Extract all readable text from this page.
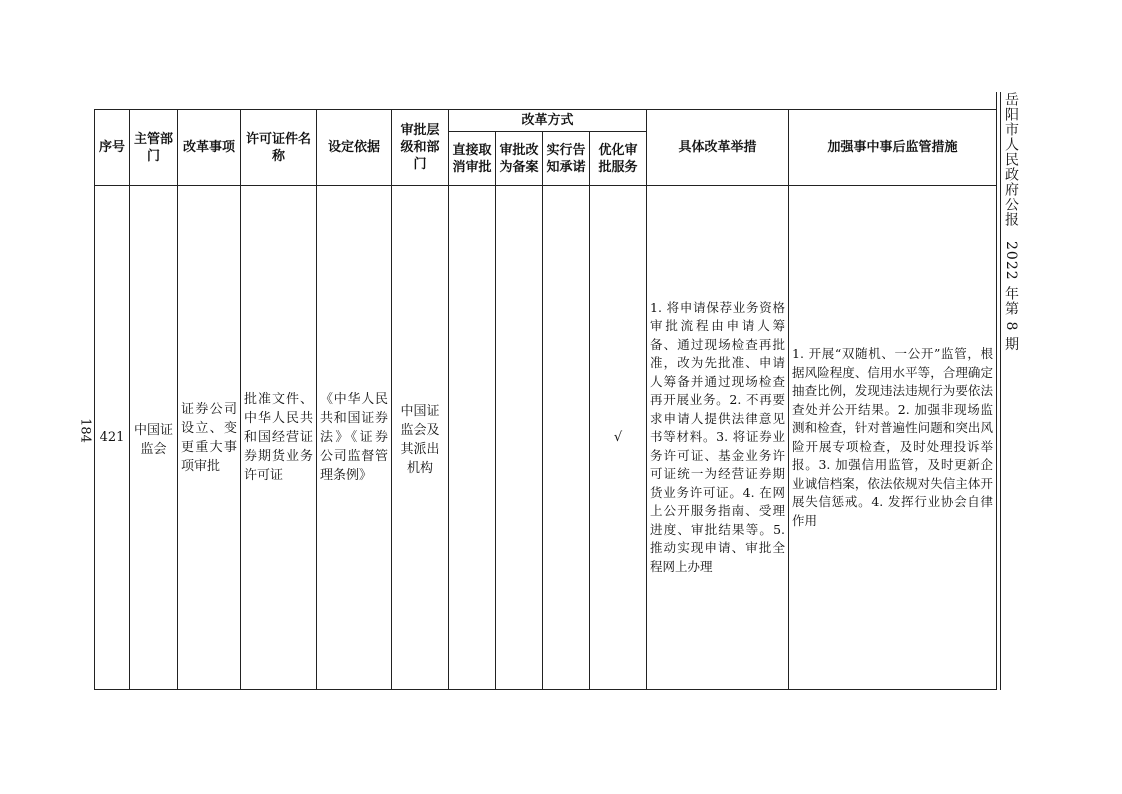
184
岳阳市人民政府公报2022 年第 8 期
序号	主管部门	改革事项	许可证件名称	设定依据	审批层级和部门	改革方式				具体改革举措	加强事中事后监管措施
						直接取消审批	审批改为备案	实行告知承诺	优化审批服务		
421	中国证监会	证券公司设立、变更重大事项审批	批准文件、中华人民共和国经营证券期货业务许可证	《中华人民共和国证券法》《证券公司监督管理条例》	中国证监会及其派出机构				√	1. 将申请保荐业务资格审批流程由申请人筹备、通过现场检查再批准，改为先批准、申请人筹备并通过现场检查再开展业务。2. 不再要求申请人提供法律意见书等材料。3. 将证券业务许可证、基金业务许可证统一为经营证券期货业务许可证。4. 在网上公开服务指南、受理进度、审批结果等。5. 推动实现申请、审批全程网上办理	1. 开展“双随机、一公开”监管，根据风险程度、信用水平等，合理确定抽查比例，发现违法违规行为要依法查处并公开结果。2. 加强非现场监测和检查，针对普遍性问题和突出风险开展专项检查，及时处理投诉举报。3. 加强信用监管，及时更新企业诚信档案，依法依规对失信主体开展失信惩戒。4. 发挥行业协会自律作用
